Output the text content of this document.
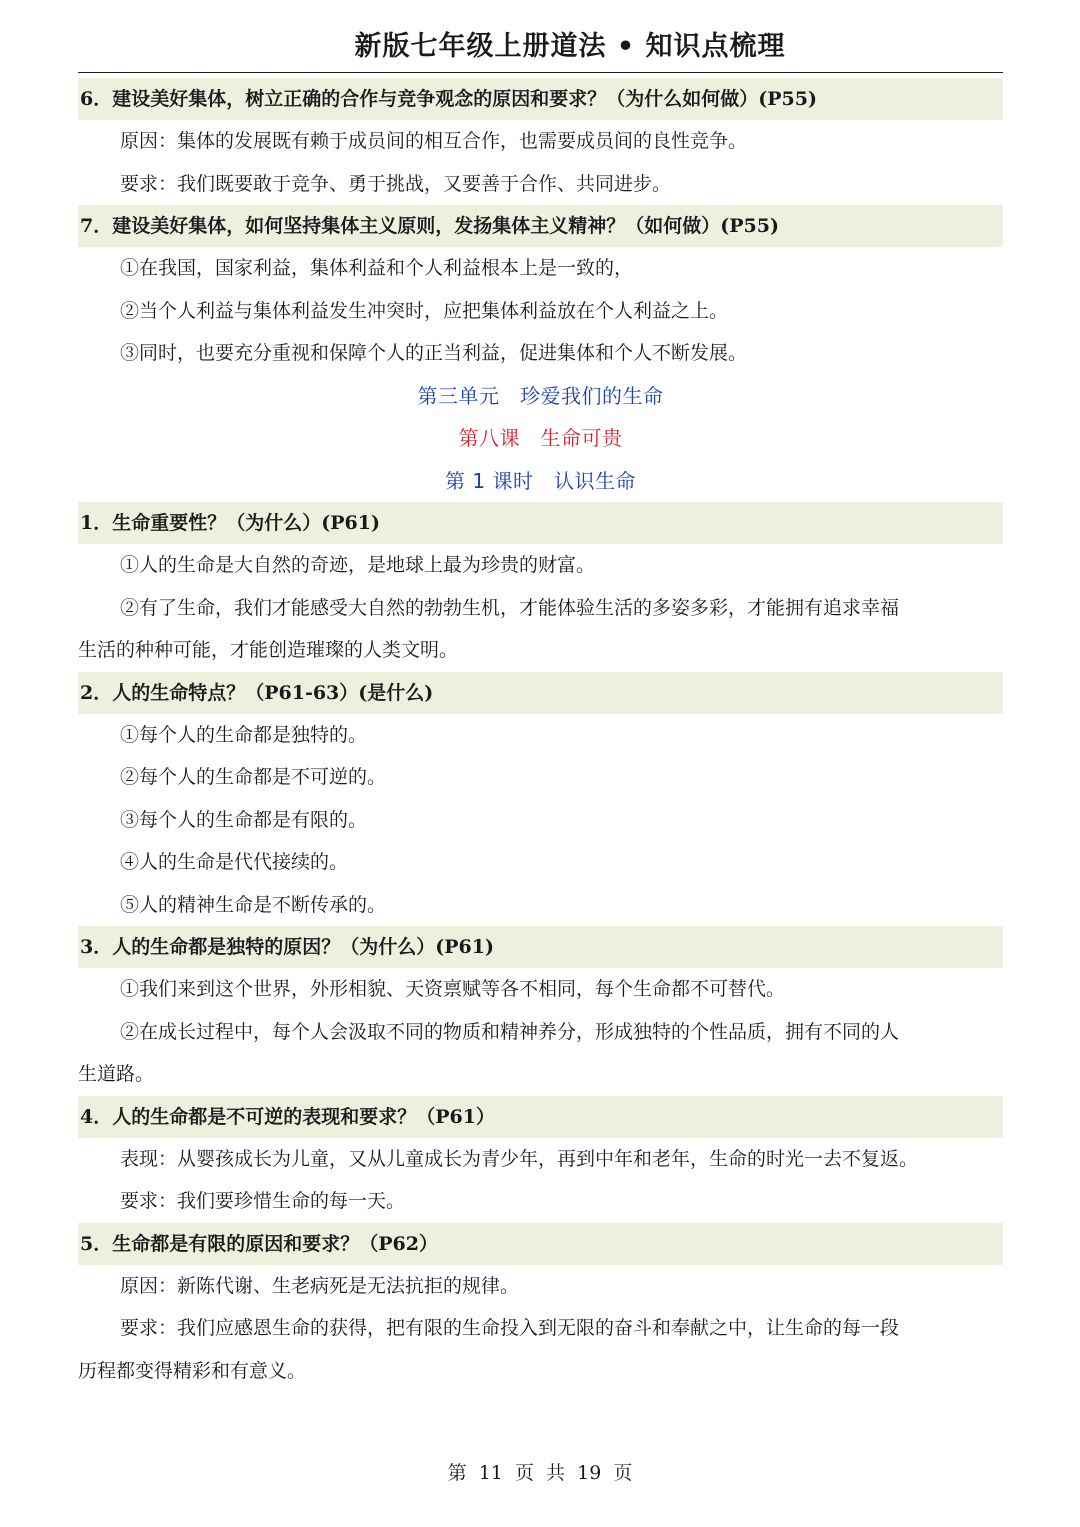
新版七年级上册道法 • 知识点梳理
6．建设美好集体，树立正确的合作与竞争观念的原因和要求？（为什么如何做）(P55)
原因：集体的发展既有赖于成员间的相互合作，也需要成员间的良性竞争。
要求：我们既要敢于竞争、勇于挑战，又要善于合作、共同进步。
7．建设美好集体，如何坚持集体主义原则，发扬集体主义精神？（如何做）(P55)
①在我国，国家利益，集体利益和个人利益根本上是一致的，
②当个人利益与集体利益发生冲突时，应把集体利益放在个人利益之上。
③同时，也要充分重视和保障个人的正当利益，促进集体和个人不断发展。
第三单元　珍爱我们的生命
第八课　生命可贵
第 1 课时　认识生命
1．生命重要性？（为什么）(P61)
①人的生命是大自然的奇迹，是地球上最为珍贵的财富。
②有了生命，我们才能感受大自然的勃勃生机，才能体验生活的多姿多彩，才能拥有追求幸福
生活的种种可能，才能创造璀璨的人类文明。
2．人的生命特点？（P61-63）(是什么)
①每个人的生命都是独特的。
②每个人的生命都是不可逆的。
③每个人的生命都是有限的。
④人的生命是代代接续的。
⑤人的精神生命是不断传承的。
3．人的生命都是独特的原因？（为什么）(P61)
①我们来到这个世界，外形相貌、天资禀赋等各不相同，每个生命都不可替代。
②在成长过程中，每个人会汲取不同的物质和精神养分，形成独特的个性品质，拥有不同的人
生道路。
4．人的生命都是不可逆的表现和要求？（P61）
表现：从婴孩成长为儿童，又从儿童成长为青少年，再到中年和老年，生命的时光一去不复返。
要求：我们要珍惜生命的每一天。
5．生命都是有限的原因和要求？（P62）
原因：新陈代谢、生老病死是无法抗拒的规律。
要求：我们应感恩生命的获得，把有限的生命投入到无限的奋斗和奉献之中，让生命的每一段
历程都变得精彩和有意义。
第  11  页  共  19  页
